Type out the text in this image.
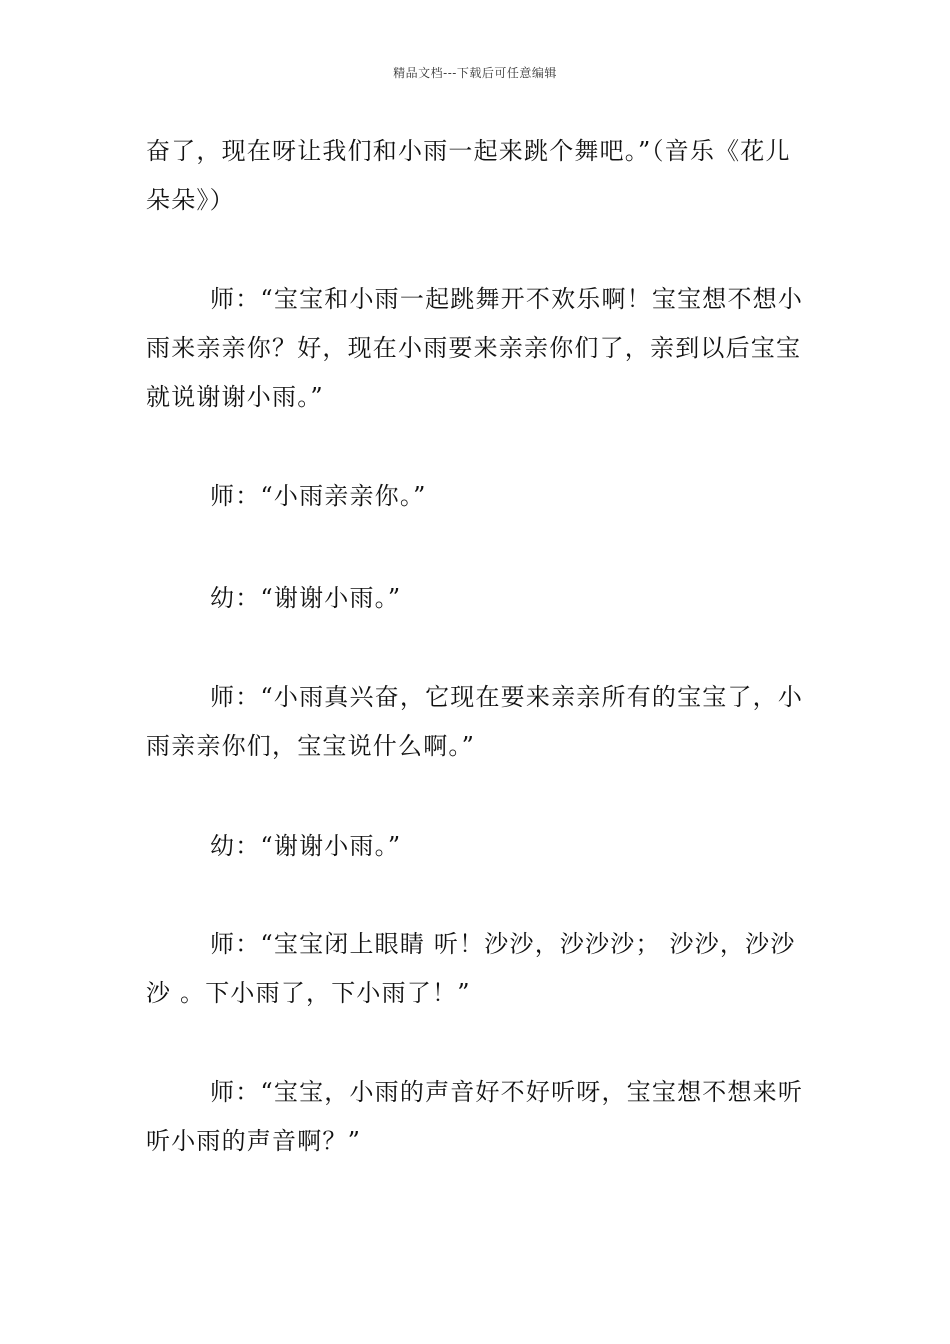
精品文档---下载后可任意编辑

奋了，现在呀让我们和小雨一起来跳个舞吧。”（音乐《花儿朵朵》）

师：“宝宝和小雨一起跳舞开不欢乐啊！宝宝想不想小雨来亲亲你？好，现在小雨要来亲亲你们了，亲到以后宝宝就说谢谢小雨。”

师：“小雨亲亲你。”

幼：“谢谢小雨。”

师：“小雨真兴奋，它现在要来亲亲所有的宝宝了，小雨亲亲你们，宝宝说什么啊。”

幼：“谢谢小雨。”

师：“宝宝闭上眼睛 听！沙沙，沙沙沙； 沙沙，沙沙沙 。下小雨了，下小雨了！”

师：“宝宝，小雨的声音好不好听呀，宝宝想不想来听听小雨的声音啊？”
